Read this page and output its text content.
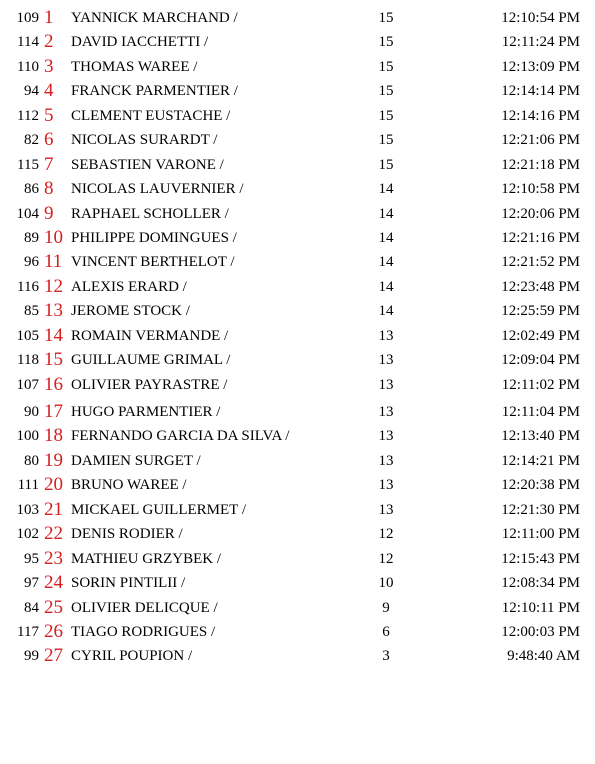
109 1 YANNICK MARCHAND /	15	12:10:54 PM
114 2 DAVID IACCHETTI /	15	12:11:24 PM
110 3 THOMAS WAREE /	15	12:13:09 PM
94 4 FRANCK PARMENTIER /	15	12:14:14 PM
112 5 CLEMENT EUSTACHE /	15	12:14:16 PM
82 6 NICOLAS SURARDT /	15	12:21:06 PM
115 7 SEBASTIEN VARONE /	15	12:21:18 PM
86 8 NICOLAS LAUVERNIER /	14	12:10:58 PM
104 9 RAPHAEL SCHOLLER /	14	12:20:06 PM
89 10 PHILIPPE DOMINGUES /	14	12:21:16 PM
96 11 VINCENT BERTHELOT /	14	12:21:52 PM
116 12 ALEXIS ERARD /	14	12:23:48 PM
85 13 JEROME STOCK /	14	12:25:59 PM
105 14 ROMAIN VERMANDE /	13	12:02:49 PM
118 15 GUILLAUME GRIMAL /	13	12:09:04 PM
107 16 OLIVIER PAYRASTRE /	13	12:11:02 PM
90 17 HUGO PARMENTIER /	13	12:11:04 PM
100 18 FERNANDO GARCIA DA SILVA /	13	12:13:40 PM
80 19 DAMIEN SURGET /	13	12:14:21 PM
111 20 BRUNO WAREE /	13	12:20:38 PM
103 21 MICKAEL GUILLERMET /	13	12:21:30 PM
102 22 DENIS RODIER /	12	12:11:00 PM
95 23 MATHIEU GRZYBEK /	12	12:15:43 PM
97 24 SORIN PINTILII /	10	12:08:34 PM
84 25 OLIVIER DELICQUE /	9	12:10:11 PM
117 26 TIAGO RODRIGUES /	6	12:00:03 PM
99 27 CYRIL POUPION /	3	9:48:40 AM
